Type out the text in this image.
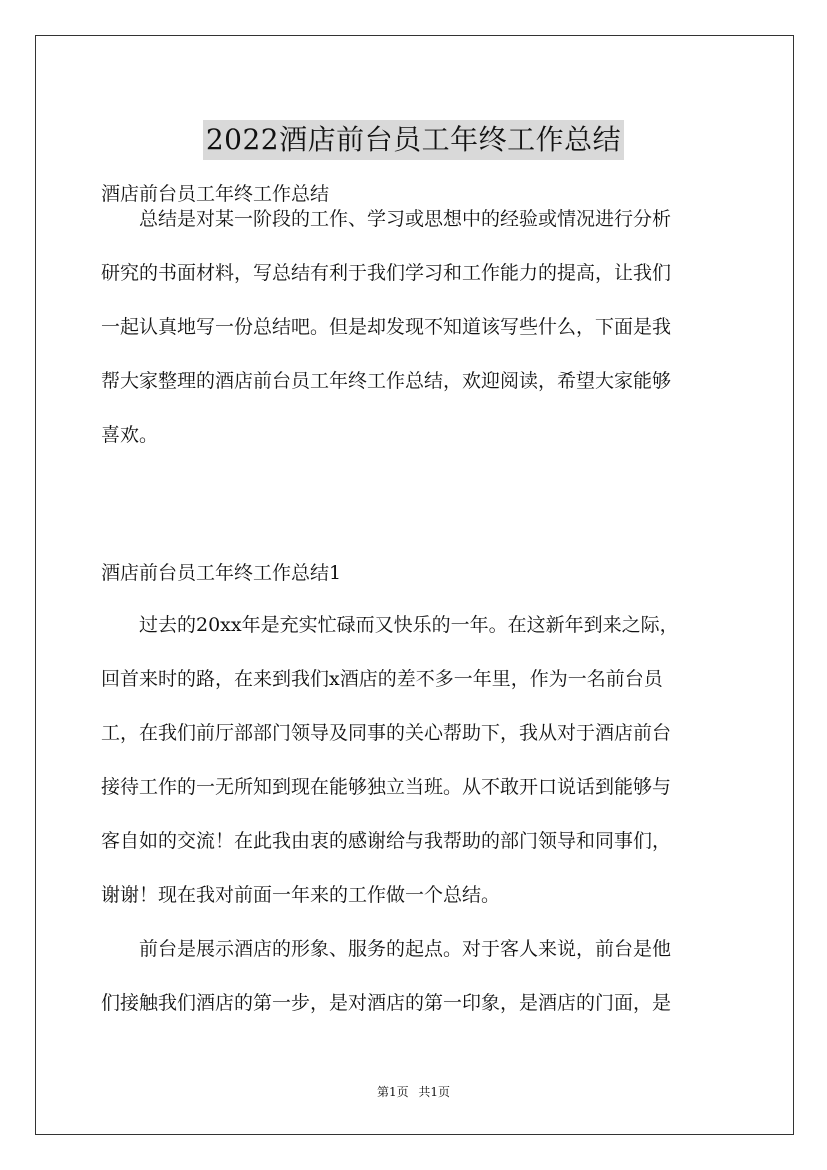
2022酒店前台员工年终工作总结
酒店前台员工年终工作总结
　　总结是对某一阶段的工作、学习或思想中的经验或情况进行分析
研究的书面材料，写总结有利于我们学习和工作能力的提高，让我们
一起认真地写一份总结吧。但是却发现不知道该写些什么，下面是我
帮大家整理的酒店前台员工年终工作总结，欢迎阅读，希望大家能够
喜欢。
酒店前台员工年终工作总结1
　　过去的20xx年是充实忙碌而又快乐的一年。在这新年到来之际，
回首来时的路，在来到我们x酒店的差不多一年里，作为一名前台员
工，在我们前厅部部门领导及同事的关心帮助下，我从对于酒店前台
接待工作的一无所知到现在能够独立当班。从不敢开口说话到能够与
客自如的交流！在此我由衷的感谢给与我帮助的部门领导和同事们，
谢谢！现在我对前面一年来的工作做一个总结。
　　前台是展示酒店的形象、服务的起点。对于客人来说，前台是他
们接触我们酒店的第一步，是对酒店的第一印象，是酒店的门面，是
第1页 共1页
